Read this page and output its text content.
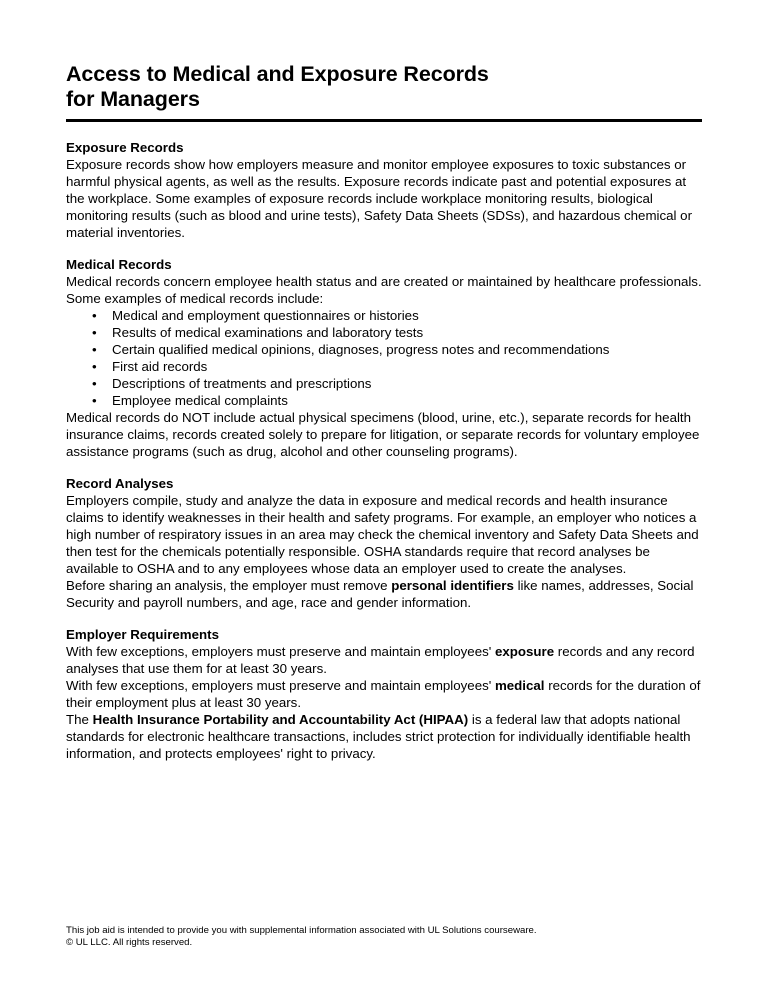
Access to Medical and Exposure Records
for Managers
Exposure Records

Exposure records show how employers measure and monitor employee exposures to toxic substances or harmful physical agents, as well as the results. Exposure records indicate past and potential exposures at the workplace. Some examples of exposure records include workplace monitoring results, biological monitoring results (such as blood and urine tests), Safety Data Sheets (SDSs), and hazardous chemical or material inventories.

Medical Records

Medical records concern employee health status and are created or maintained by healthcare professionals. Some examples of medical records include:

• Medical and employment questionnaires or histories
• Results of medical examinations and laboratory tests
• Certain qualified medical opinions, diagnoses, progress notes and recommendations
• First aid records
• Descriptions of treatments and prescriptions
• Employee medical complaints

Medical records do NOT include actual physical specimens (blood, urine, etc.), separate records for health insurance claims, records created solely to prepare for litigation, or separate records for voluntary employee assistance programs (such as drug, alcohol and other counseling programs).

Record Analyses

Employers compile, study and analyze the data in exposure and medical records and health insurance claims to identify weaknesses in their health and safety programs. For example, an employer who notices a high number of respiratory issues in an area may check the chemical inventory and Safety Data Sheets and then test for the chemicals potentially responsible. OSHA standards require that record analyses be available to OSHA and to any employees whose data an employer used to create the analyses.

Before sharing an analysis, the employer must remove personal identifiers like names, addresses, Social Security and payroll numbers, and age, race and gender information.

Employer Requirements

With few exceptions, employers must preserve and maintain employees' exposure records and any record analyses that use them for at least 30 years.

With few exceptions, employers must preserve and maintain employees' medical records for the duration of their employment plus at least 30 years.

The Health Insurance Portability and Accountability Act (HIPAA) is a federal law that adopts national standards for electronic healthcare transactions, includes strict protection for individually identifiable health information, and protects employees' right to privacy.

This job aid is intended to provide you with supplemental information associated with UL Solutions courseware.

© UL LLC. All rights reserved.
